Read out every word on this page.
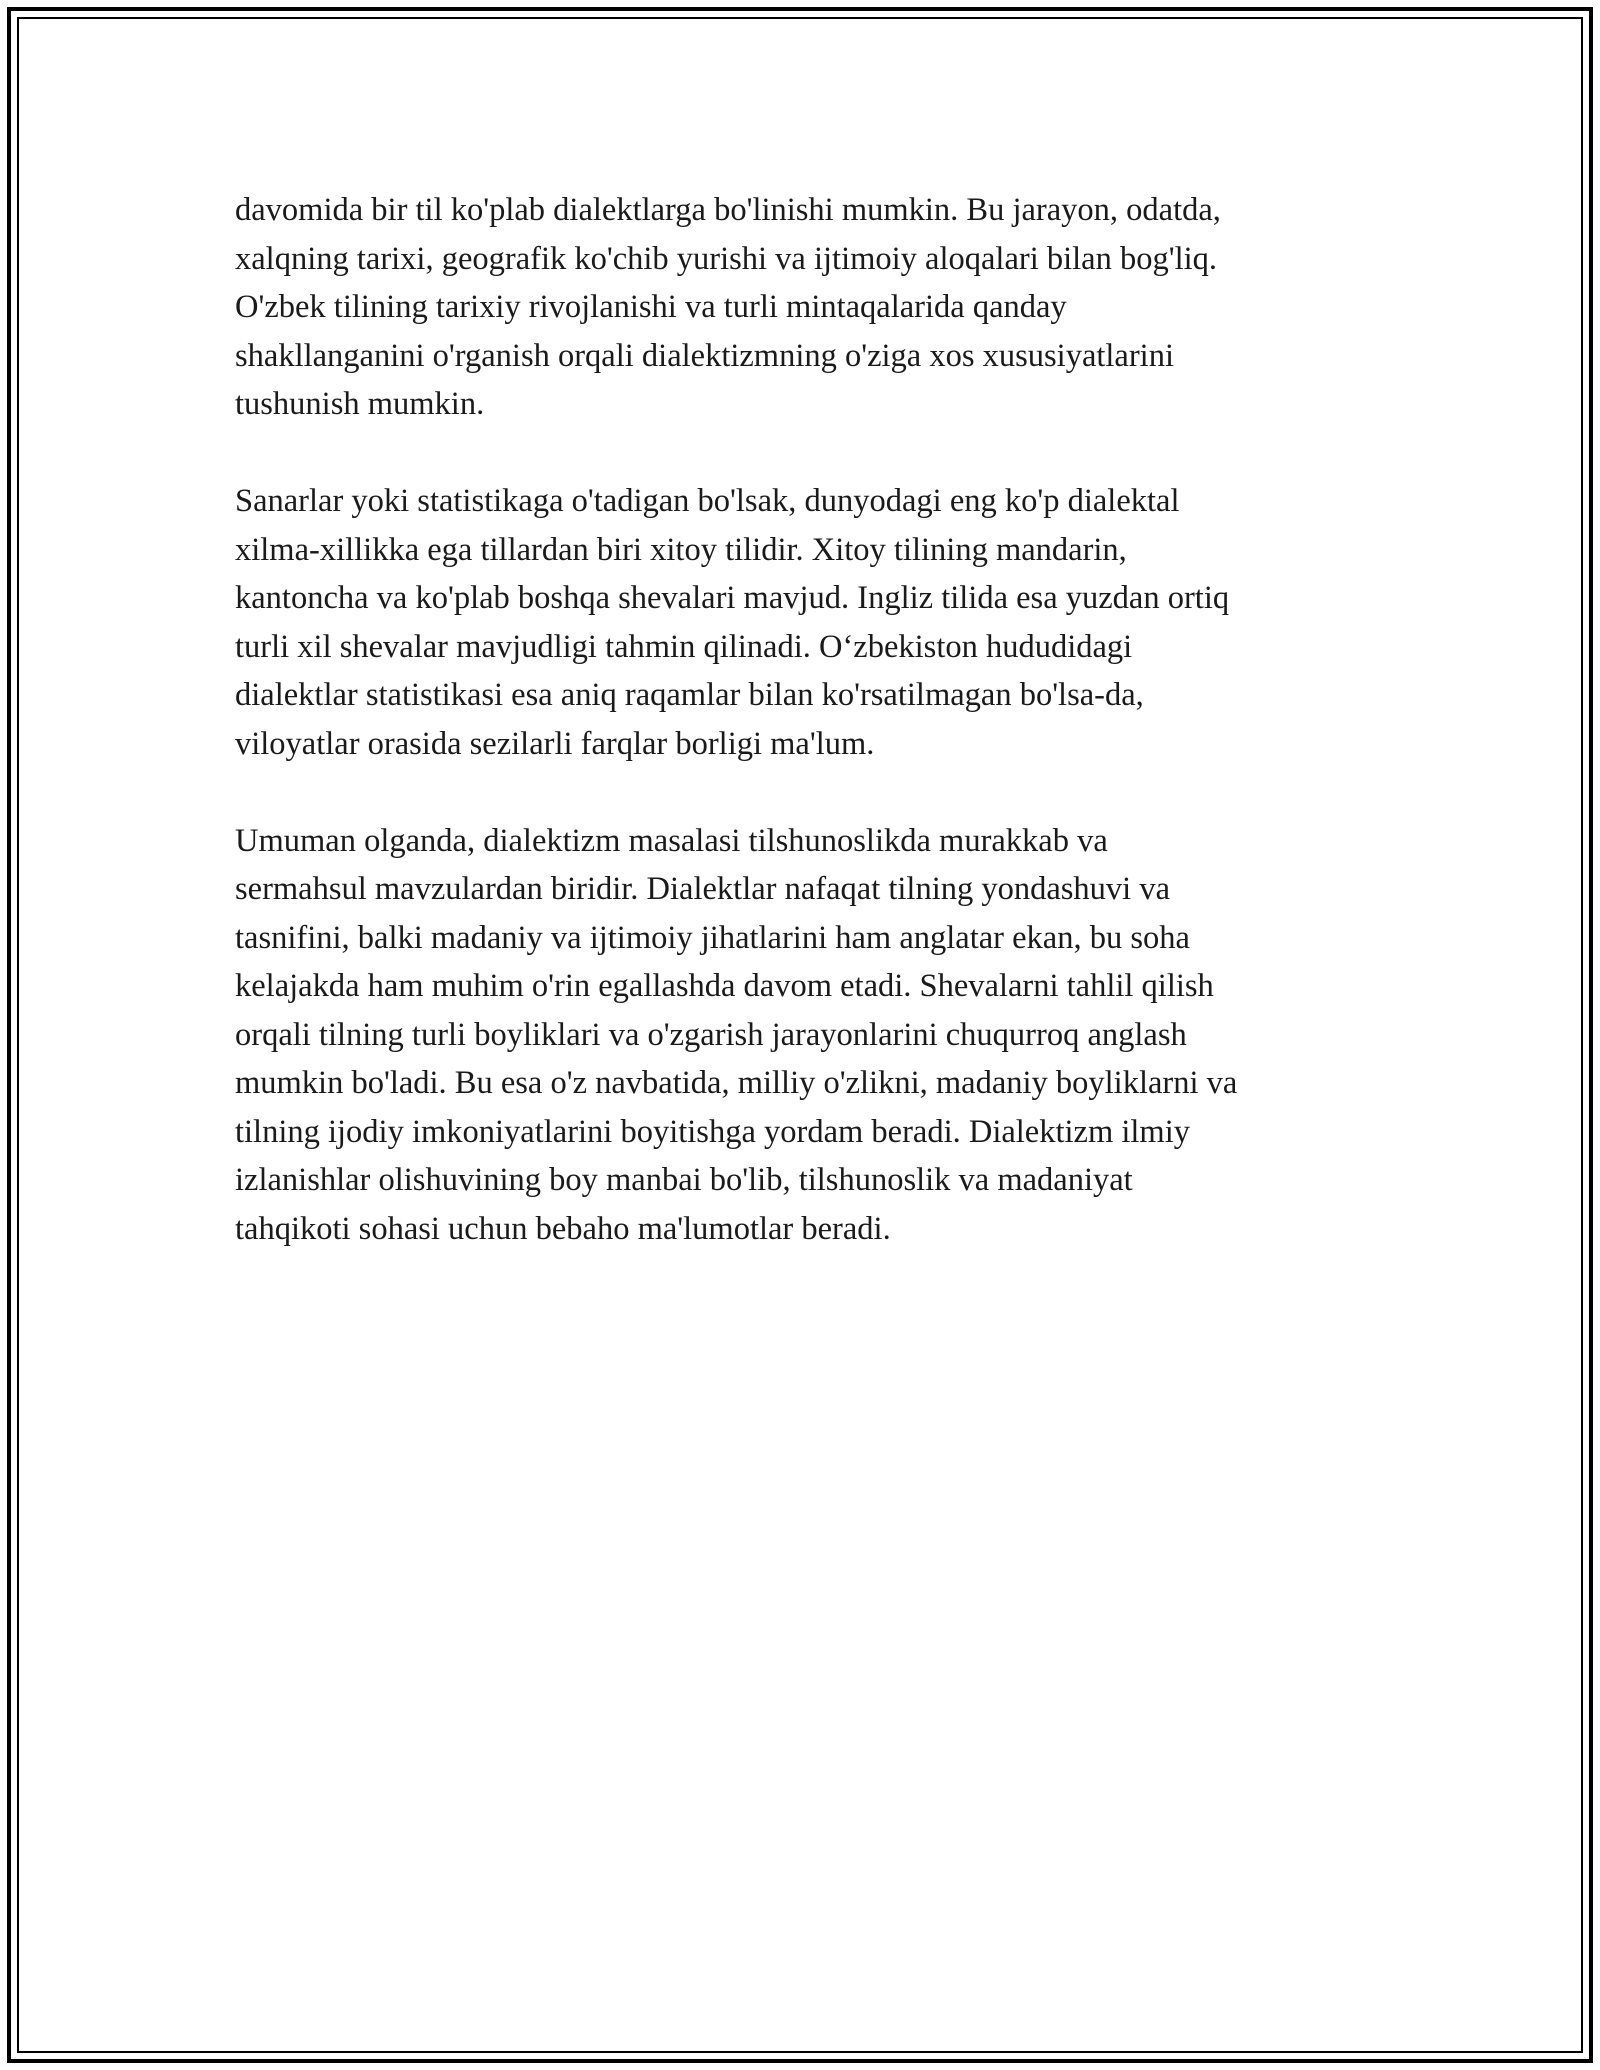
davomida bir til ko'plab dialektlarga bo'linishi mumkin. Bu jarayon, odatda,
xalqning tarixi, geografik ko'chib yurishi va ijtimoiy aloqalari bilan bog'liq.
O'zbek tilining tarixiy rivojlanishi va turli mintaqalarida qanday
shakllanganini o'rganish orqali dialektizmning o'ziga xos xususiyatlarini
tushunish mumkin.

Sanarlar yoki statistikaga o'tadigan bo'lsak, dunyodagi eng ko'p dialektal
xilma-xillikka ega tillardan biri xitoy tilidir. Xitoy tilining mandarin,
kantoncha va ko'plab boshqa shevalari mavjud. Ingliz tilida esa yuzdan ortiq
turli xil shevalar mavjudligi tahmin qilinadi. O‘zbekiston hududidagi
dialektlar statistikasi esa aniq raqamlar bilan ko'rsatilmagan bo'lsa-da,
viloyatlar orasida sezilarli farqlar borligi ma'lum.

Umuman olganda, dialektizm masalasi tilshunoslikda murakkab va
sermahsul mavzulardan biridir. Dialektlar nafaqat tilning yondashuvi va
tasnifini, balki madaniy va ijtimoiy jihatlarini ham anglatar ekan, bu soha
kelajakda ham muhim o'rin egallashda davom etadi. Shevalarni tahlil qilish
orqali tilning turli boyliklari va o'zgarish jarayonlarini chuqurroq anglash
mumkin bo'ladi. Bu esa o'z navbatida, milliy o'zlikni, madaniy boyliklarni va
tilning ijodiy imkoniyatlarini boyitishga yordam beradi. Dialektizm ilmiy
izlanishlar olishuvining boy manbai bo'lib, tilshunoslik va madaniyat
tahqikoti sohasi uchun bebaho ma'lumotlar beradi.
